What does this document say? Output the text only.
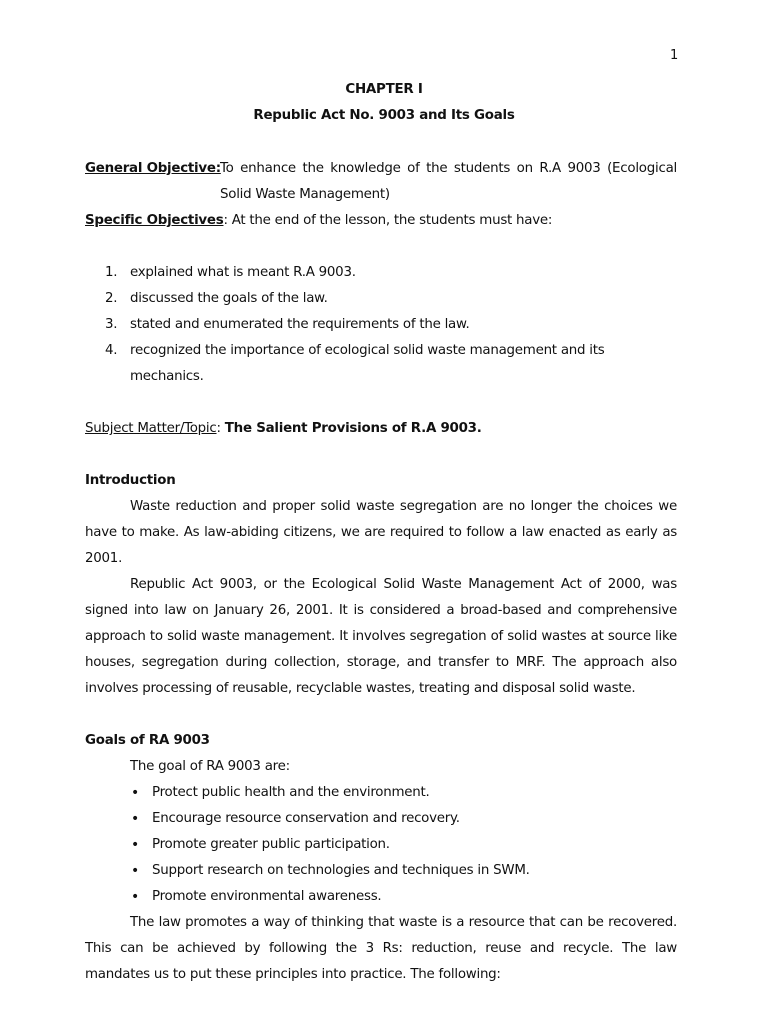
1
CHAPTER I
Republic Act No. 9003 and Its Goals
General Objective: To enhance the knowledge of the students on R.A 9003 (Ecological Solid Waste Management)
Specific Objectives: At the end of the lesson, the students must have:
1. explained what is meant R.A 9003.
2. discussed the goals of the law.
3. stated and enumerated the requirements of the law.
4. recognized the importance of ecological solid waste management and its mechanics.
Subject Matter/Topic: The Salient Provisions of R.A 9003.
Introduction

Waste reduction and proper solid waste segregation are no longer the choices we have to make. As law-abiding citizens, we are required to follow a law enacted as early as 2001.

Republic Act 9003, or the Ecological Solid Waste Management Act of 2000, was signed into law on January 26, 2001. It is considered a broad-based and comprehensive approach to solid waste management. It involves segregation of solid wastes at source like houses, segregation during collection, storage, and transfer to MRF. The approach also involves processing of reusable, recyclable wastes, treating and disposal solid waste.

Goals of RA 9003
The goal of RA 9003 are:
• Protect public health and the environment.
• Encourage resource conservation and recovery.
• Promote greater public participation.
• Support research on technologies and techniques in SWM.
• Promote environmental awareness.

The law promotes a way of thinking that waste is a resource that can be recovered. This can be achieved by following the 3 Rs: reduction, reuse and recycle. The law mandates us to put these principles into practice. The following:
